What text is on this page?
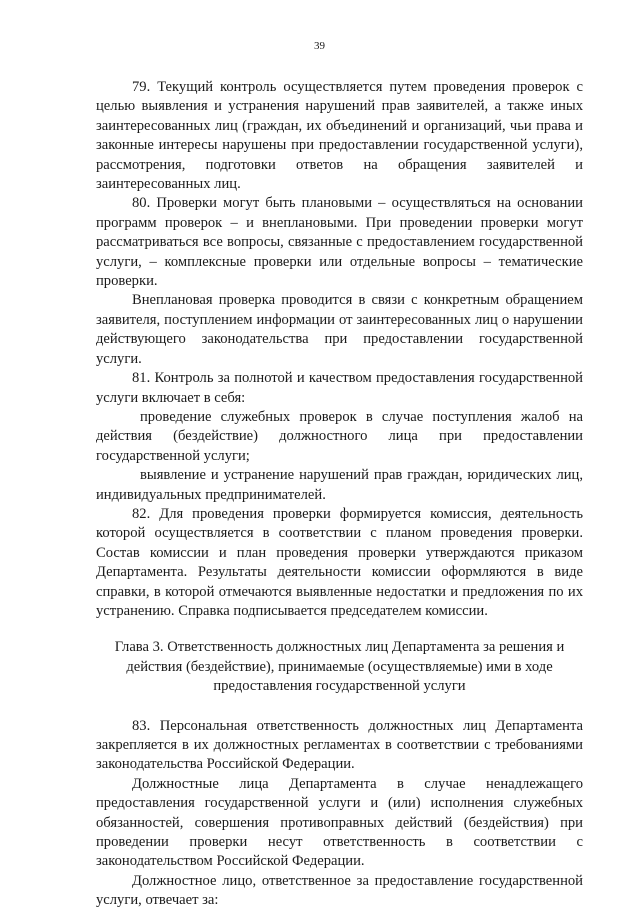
39

79. Текущий контроль осуществляется путем проведения проверок с целью выявления и устранения нарушений прав заявителей, а также иных заинтересованных лиц (граждан, их объединений и организаций, чьи права и законные интересы нарушены при предоставлении государственной услуги), рассмотрения, подготовки ответов на обращения заявителей и заинтересованных лиц.

80. Проверки могут быть плановыми – осуществляться на основании программ проверок – и внеплановыми. При проведении проверки могут рассматриваться все вопросы, связанные с предоставлением государственной услуги, – комплексные проверки или отдельные вопросы – тематические проверки.

Внеплановая проверка проводится в связи с конкретным обращением заявителя, поступлением информации от заинтересованных лиц о нарушении действующего законодательства при предоставлении государственной услуги.

81. Контроль за полнотой и качеством предоставления государственной услуги включает в себя:

проведение служебных проверок в случае поступления жалоб на действия (бездействие) должностного лица при предоставлении государственной услуги;

выявление и устранение нарушений прав граждан, юридических лиц, индивидуальных предпринимателей.

82. Для проведения проверки формируется комиссия, деятельность которой осуществляется в соответствии с планом проведения проверки. Состав комиссии и план проведения проверки утверждаются приказом Департамента. Результаты деятельности комиссии оформляются в виде справки, в которой отмечаются выявленные недостатки и предложения по их устранению. Справка подписывается председателем комиссии.

Глава 3. Ответственность должностных лиц Департамента за решения и
действия (бездействие), принимаемые (осуществляемые) ими в ходе
предоставления государственной услуги

83. Персональная ответственность должностных лиц Департамента закрепляется в их должностных регламентах в соответствии с требованиями законодательства Российской Федерации.

Должностные лица Департамента в случае ненадлежащего предоставления государственной услуги и (или) исполнения служебных обязанностей, совершения противоправных действий (бездействия) при проведении проверки несут ответственность в соответствии с законодательством Российской Федерации.

Должностное лицо, ответственное за предоставление государственной услуги, отвечает за:
